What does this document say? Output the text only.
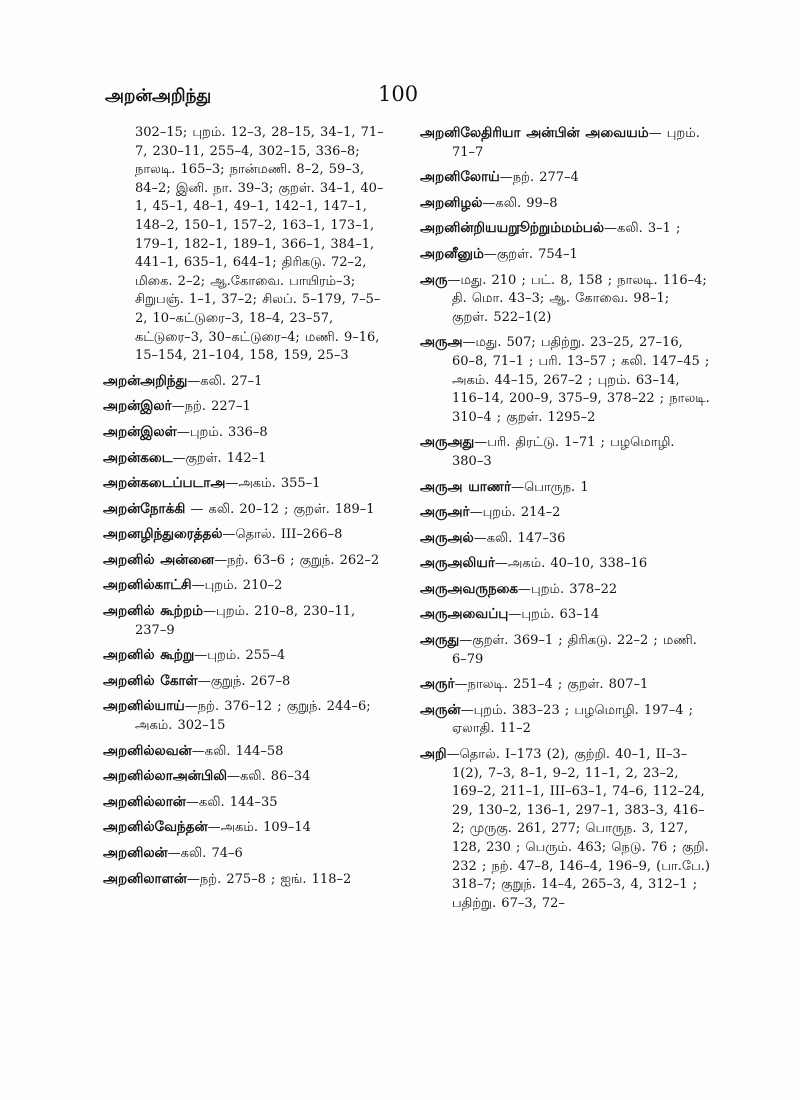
அறன்அறிந்து	100
302–15; புறம். 12–3, 28–15, 34–1, 71–7, 230–11, 255–4, 302–15, 336–8; நாலடி. 165–3; நான்மணி. 8–2, 59–3, 84–2; இனி. நா. 39–3; குறள். 34–1, 40–1, 45–1, 48–1, 49–1, 142–1, 147–1, 148–2, 150–1, 157–2, 163–1, 173–1, 179–1, 182–1, 189–1, 366–1, 384–1, 441–1, 635–1, 644–1; திரிகடு. 72–2, மிகை. 2–2; ஆ.கோவை. பாயிரம்–3; சிறுபஞ். 1–1, 37–2; சிலப். 5–179, 7–5–2, 10–கட்டுரை–3, 18–4, 23–57, கட்டுரை–3, 30–கட்டுரை–4; மணி. 9–16, 15–154, 21–104, 158, 159, 25–3
அறன்அறிந்து—கலி. 27–1
அறன்இலர்—நற். 227–1
அறன்இலள்—புறம். 336–8
அறன்கடை—குறள். 142–1
அறன்கடைப்படாஅ—அகம். 355–1
அறன்நோக்கி — கலி. 20–12 ; குறள். 189–1
அறனழிந்துரைத்தல்—தொல். III–266–8
அறனில் அன்னை—நற். 63–6 ; குறுந். 262–2
அறனில்காட்சி—புறம். 210–2
அறனில் கூற்றம்—புறம். 210–8, 230–11, 237–9
அறனில் கூற்று—புறம். 255–4
அறனில் கோள்—குறுந். 267–8
அறனில்யாய்—நற். 376–12 ; குறுந். 244–6; அகம். 302–15
அறனில்லவன்—கலி. 144–58
அறனில்லாஅன்பிலி—கலி. 86–34
அறனில்லான்—கலி. 144–35
அறனில்வேந்தன்—அகம். 109–14
அறனிலன்—கலி. 74–6
அறனிலாளன்—நற். 275–8 ; ஐங். 118–2
அறனிலேதிரியா அன்பின் அவையம்— புறம். 71–7
அறனிலோய்—நற். 277–4
அறனிழல்—கலி. 99–8
அறனின்றியயறுூற்றும்மம்பல்—கலி. 3–1 ;
அறனீனும்—குறள். 754–1
அரு—மது. 210 ; பட். 8, 158 ; நாலடி. 116–4; தி. மொ. 43–3; ஆ. கோவை. 98–1; குறள். 522–1(2)
அருஅ—மது. 507; பதிற்று. 23–25, 27–16, 60–8, 71–1 ; பரி. 13–57 ; கலி. 147–45 ; அகம். 44–15, 267–2 ; புறம். 63–14, 116–14, 200–9, 375–9, 378–22 ; நாலடி. 310–4 ; குறள். 1295–2
அருஅது—பரி. திரட்டு. 1–71 ; பழமொழி. 380–3
அருஅ யாணர்—பொருந. 1
அருஅர்—புறம். 214–2
அருஅல்—கலி. 147–36
அருஅலியர்—அகம். 40–10, 338–16
அருஅவருநகை—புறம். 378–22
அருஅவைப்பு—புறம். 63–14
அருது—குறள். 369–1 ; திரிகடு. 22–2 ; மணி. 6–79
அருர்—நாலடி. 251–4 ; குறள். 807–1
அருன்—புறம். 383–23 ; பழமொழி. 197–4 ; ஏலாதி. 11–2
அறி—தொல். I–173 (2), குற்றி. 40–1, II–3–1(2), 7–3, 8–1, 9–2, 11–1, 2, 23–2, 169–2, 211–1, III–63–1, 74–6, 112–24, 29, 130–2, 136–1, 297–1, 383–3, 416–2; முருகு. 261, 277; பொருந. 3, 127, 128, 230 ; பெரும். 463; நெடு. 76 ; குறி. 232 ; நற். 47–8, 146–4, 196–9, (பா.பே.) 318–7; குறுந். 14–4, 265–3, 4, 312–1 ; பதிற்று. 67–3, 72–
